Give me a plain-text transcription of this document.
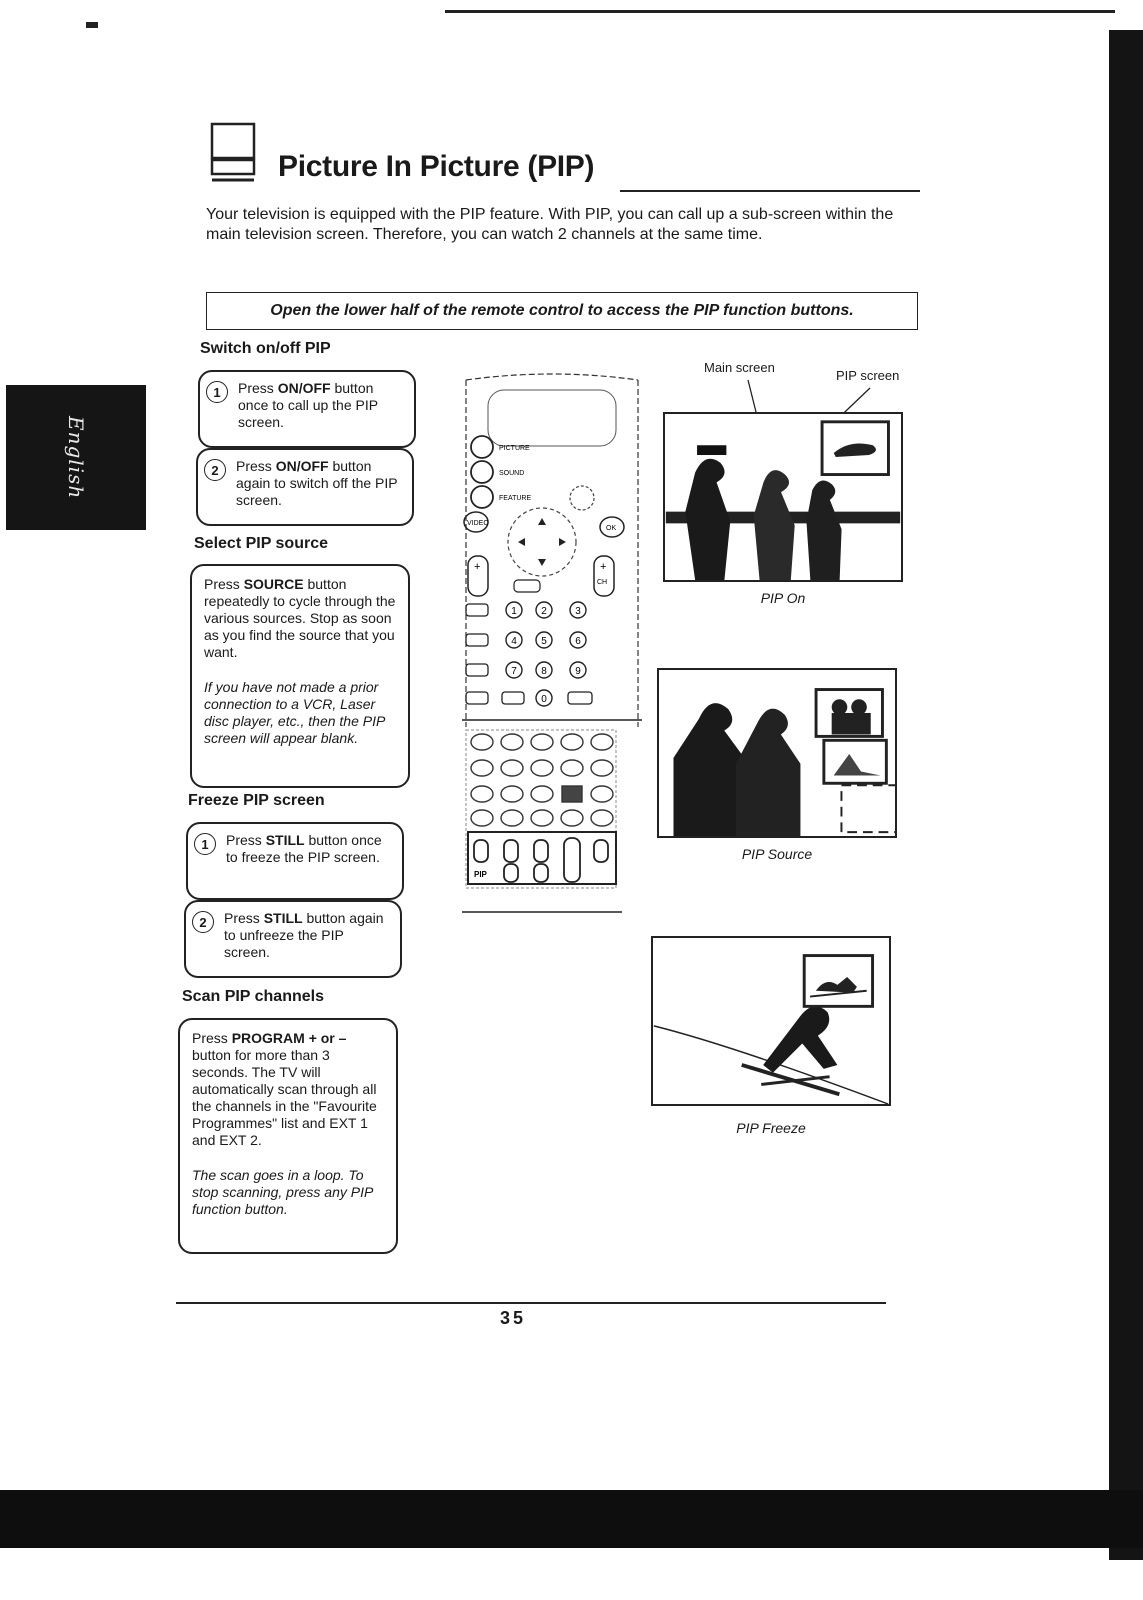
English
Picture In Picture (PIP)
Your television is equipped with the PIP feature. With PIP, you can call up a sub-screen within the main television screen. Therefore, you can watch 2 channels at the same time.
Open the lower half of the remote control to access the PIP function buttons.
Switch on/off PIP
1	Press ON/OFF button once to call up the PIP screen.
2	Press ON/OFF button again to switch off the PIP screen.
Select PIP source
Press SOURCE button repeatedly to cycle through the various sources. Stop as soon as you find the source that you want.
If you have not made a prior connection to a VCR, Laser disc player, etc., then the PIP screen will appear blank.
Freeze PIP screen
1	Press STILL button once to freeze the PIP screen.
2	Press STILL button again to unfreeze the PIP screen.
Scan PIP channels
Press PROGRAM + or – button for more than 3 seconds. The TV will automatically scan through all the channels in the "Favourite Programmes" list and EXT 1 and EXT 2.
The scan goes in a loop. To stop scanning, press any PIP function button.
PICTURE
SOUND
FEATURE
VIDEO
OK
+	+
CH
1 2	3
4 5	6
7 8	9
0
PIP
Main screen
PIP screen
PIP On
PIP Source
PIP Freeze
35
